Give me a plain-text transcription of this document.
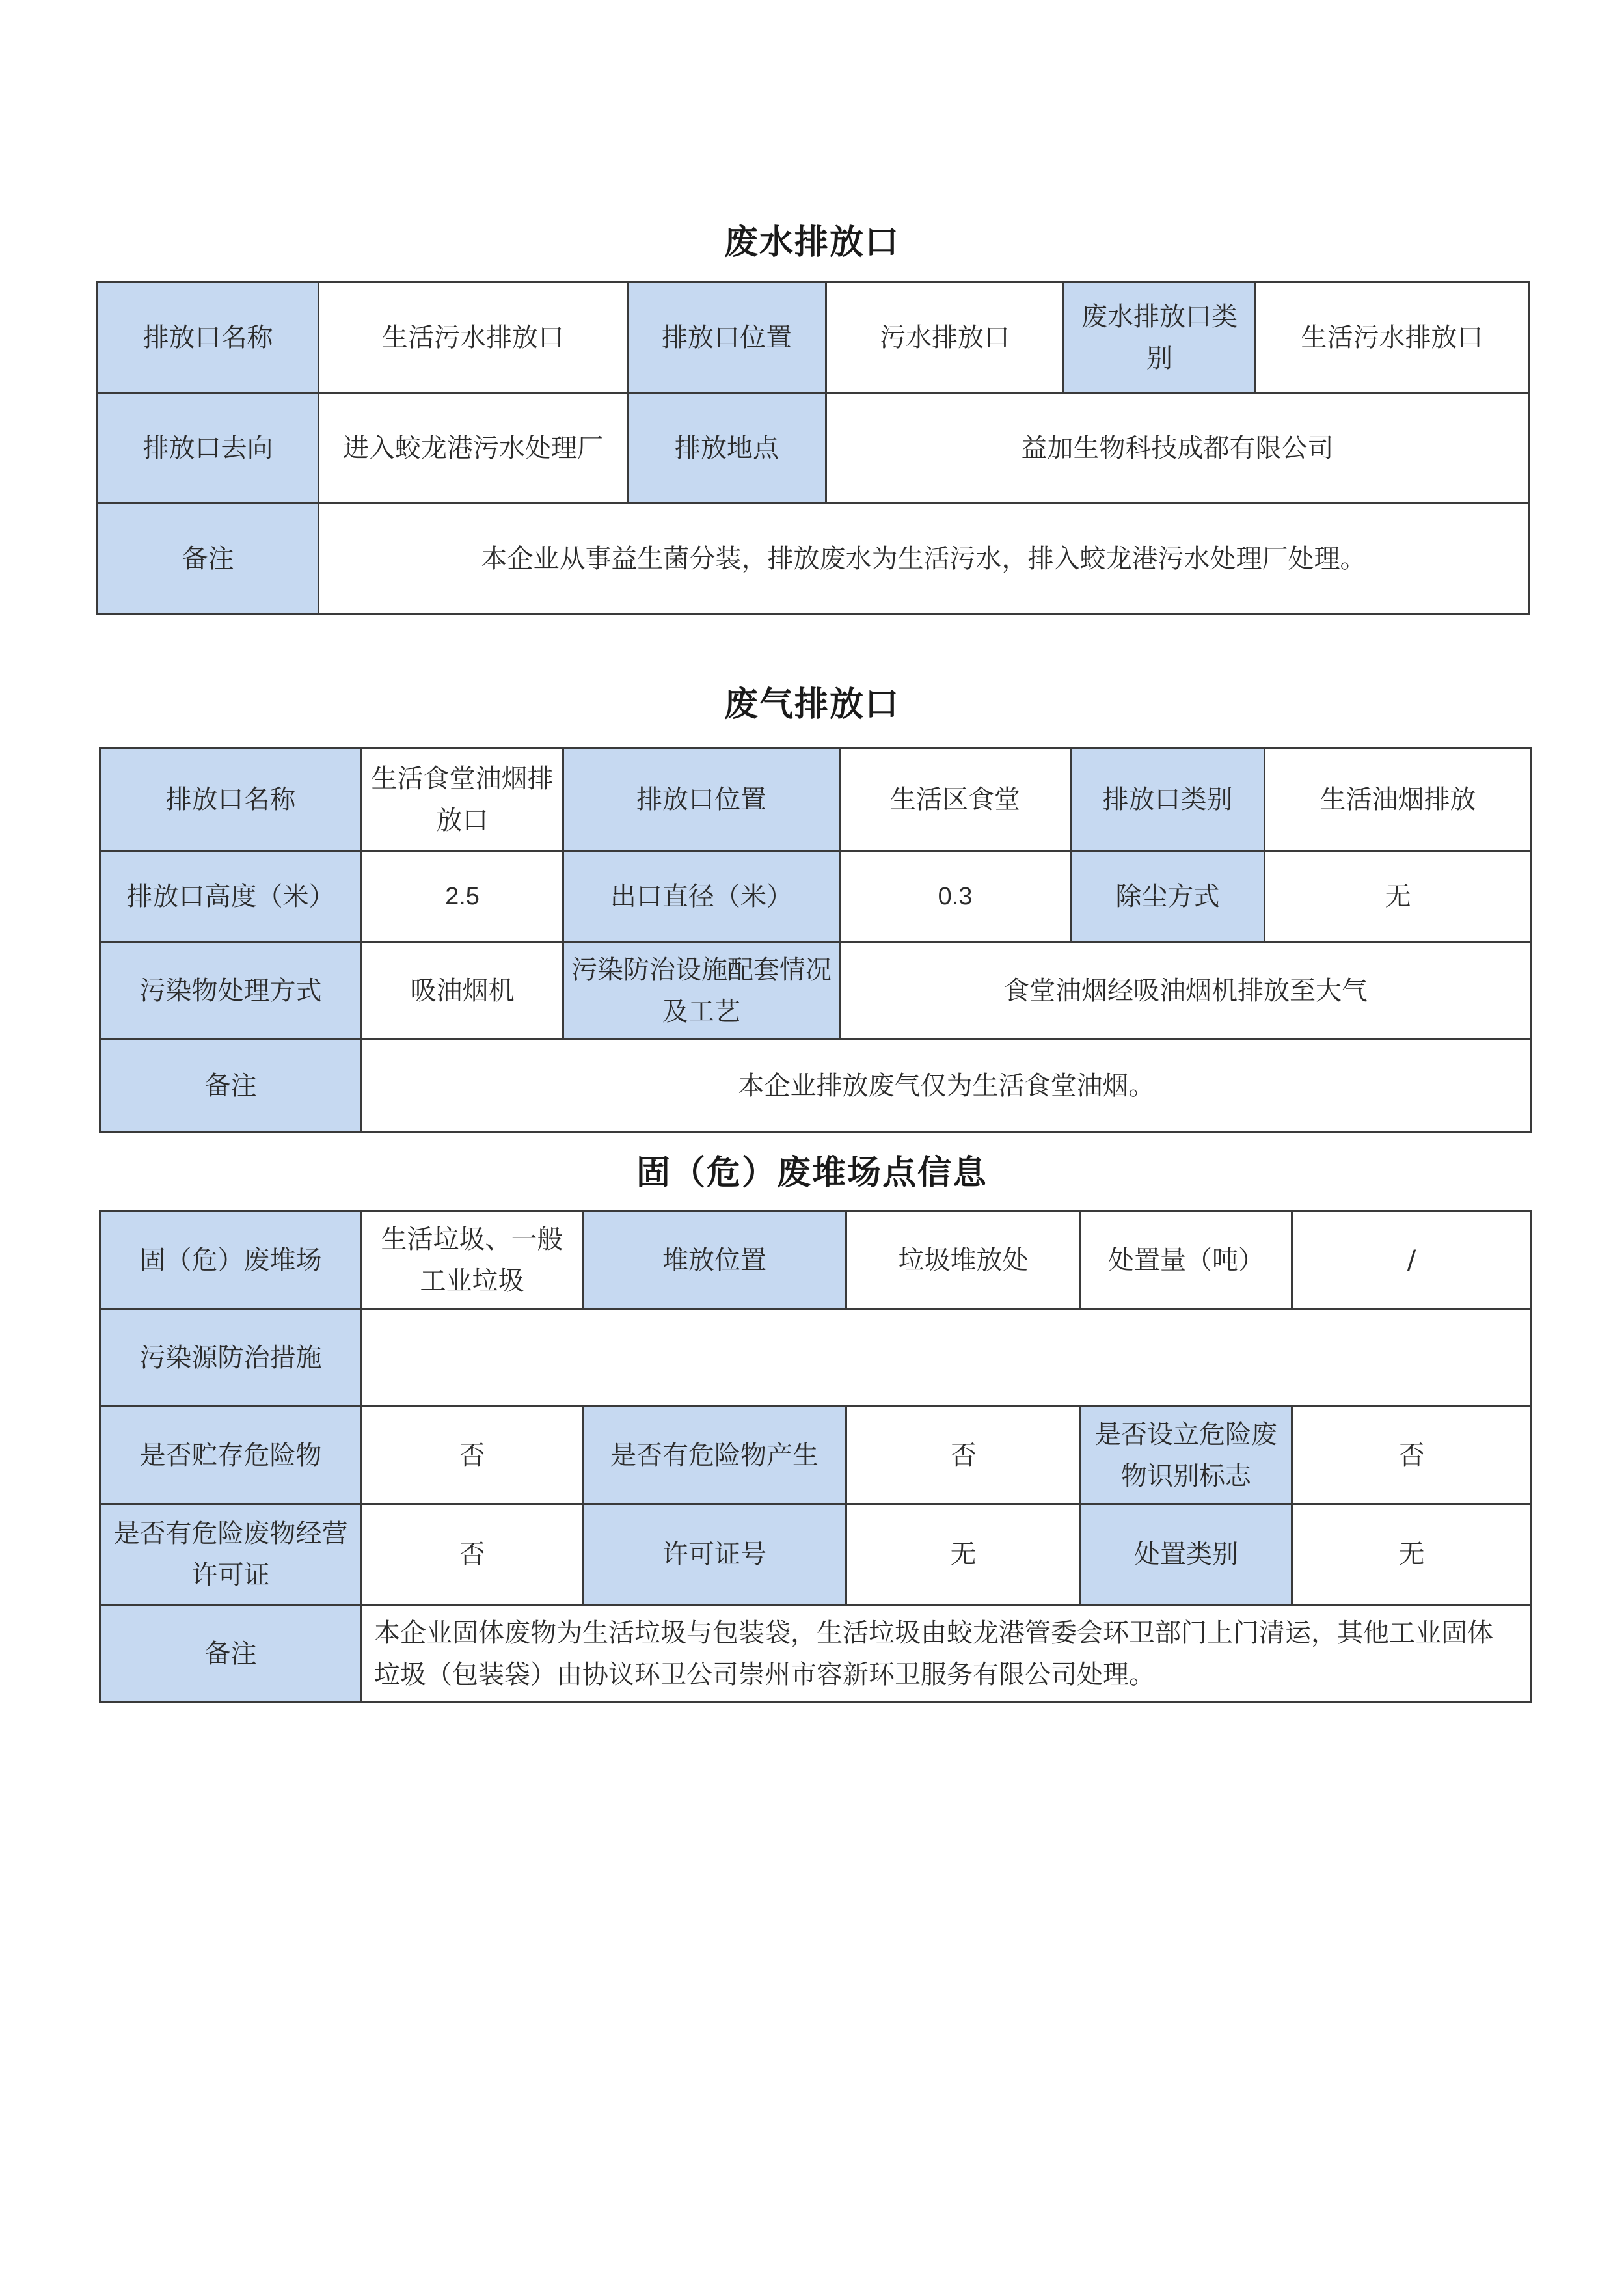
废水排放口
排放口名称	生活污水排放口	排放口位置	污水排放口	废水排放口类别	生活污水排放口
排放口去向	进入蛟龙港污水处理厂	排放地点	益加生物科技成都有限公司		
备注	本企业从事益生菌分装，排放废水为生活污水，排入蛟龙港污水处理厂处理。				
废气排放口
排放口名称	生活食堂油烟排放口	排放口位置	生活区食堂	排放口类别	生活油烟排放
排放口高度（米）	2.5	出口直径（米）	0.3	除尘方式	无
污染物处理方式	吸油烟机	污染防治设施配套情况及工艺	食堂油烟经吸油烟机排放至大气		
备注	本企业排放废气仅为生活食堂油烟。				
固（危）废堆场点信息
固（危）废堆场	生活垃圾、一般工业垃圾	堆放位置	垃圾堆放处	处置量（吨）	/
污染源防治措施					
是否贮存危险物	否	是否有危险物产生	否	是否设立危险废物识别标志	否
是否有危险废物经营许可证	否	许可证号	无	处置类别	无
备注	本企业固体废物为生活垃圾与包装袋，生活垃圾由蛟龙港管委会环卫部门上门清运，其他工业固体垃圾（包装袋）由协议环卫公司崇州市容新环卫服务有限公司处理。				
